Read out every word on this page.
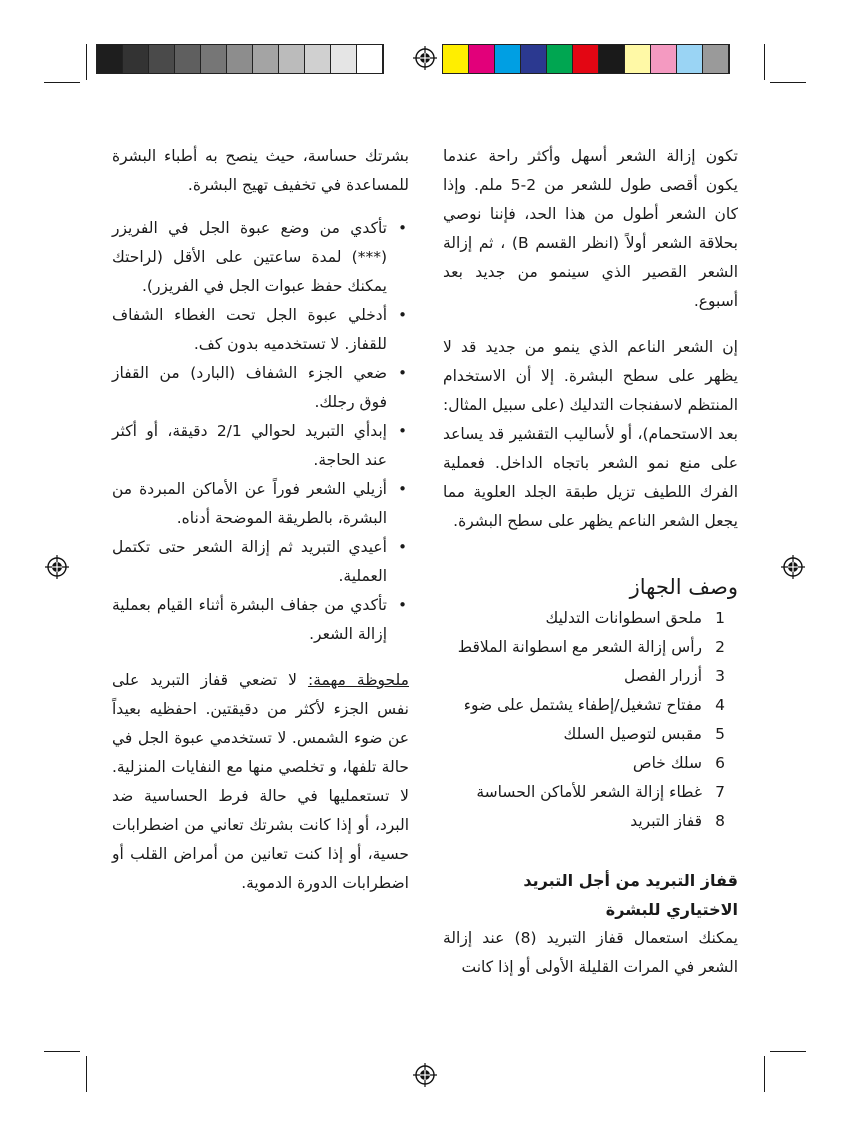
تكون إزالة الشعر أسهل وأكثر راحة عندما يكون أقصى طول للشعر من 2-5 ملم. وإذا كان الشعر أطول من هذا الحد، فإننا نوصي بحلاقة الشعر أولاً (انظر القسم B) ، ثم إزالة الشعر القصير الذي سينمو من جديد بعد أسبوع.

إن الشعر الناعم الذي ينمو من جديد قد لا يظهر على سطح البشرة. إلا أن الاستخدام المنتظم لاسفنجات التدليك (على سبيل المثال: بعد الاستحمام)، أو لأساليب التقشير قد يساعد على منع نمو الشعر باتجاه الداخل. فعملية الفرك اللطيف تزيل طبقة الجلد العلوية مما يجعل الشعر الناعم يظهر على سطح البشرة.

وصف الجهاز
1
ملحق اسطوانات التدليك
2
رأس إزالة الشعر مع اسطوانة الملاقط
3
أزرار الفصل
4
مفتاح تشغيل/إطفاء يشتمل على ضوء
5
مقبس لتوصيل السلك
6
سلك خاص
7
غطاء إزالة الشعر للأماكن الحساسة
8
قفاز التبريد

قفاز التبريد من أجل التبريد

الاختياري للبشرة

يمكنك استعمال قفاز التبريد (8) عند إزالة الشعر في المرات القليلة الأولى أو إذا كانت

بشرتك حساسة، حيث ينصح به أطباء البشرة للمساعدة في تخفيف تهيج البشرة.

•
تأكدي من وضع عبوة الجل في الفريزر (***) لمدة ساعتين على الأقل (لراحتك يمكنك حفظ عبوات الجل في الفريزر).
•
أدخلي عبوة الجل تحت الغطاء الشفاف للقفاز. لا تستخدميه بدون كف.
•
ضعي الجزء الشفاف (البارد) من القفاز فوق رجلك.
•
إبدأي التبريد لحوالي 2/1 دقيقة، أو أكثر عند الحاجة.
•
أزيلي الشعر فوراً عن الأماكن المبردة من البشرة، بالطريقة الموضحة أدناه.
•
أعيدي التبريد ثم إزالة الشعر حتى تكتمل العملية.
•
تأكدي من جفاف البشرة أثناء القيام بعملية إزالة الشعر.

ملحوظة مهمة: لا تضعي قفاز التبريد على نفس الجزء لأكثر من دقيقتين. احفظيه بعيداً عن ضوء الشمس. لا تستخدمي عبوة الجل في حالة تلفها، و تخلصي منها مع النفايات المنزلية. لا تستعمليها في حالة فرط الحساسية ضد البرد، أو إذا كانت بشرتك تعاني من اضطرابات حسية، أو إذا كنت تعانين من أمراض القلب أو اضطرابات الدورة الدموية.
